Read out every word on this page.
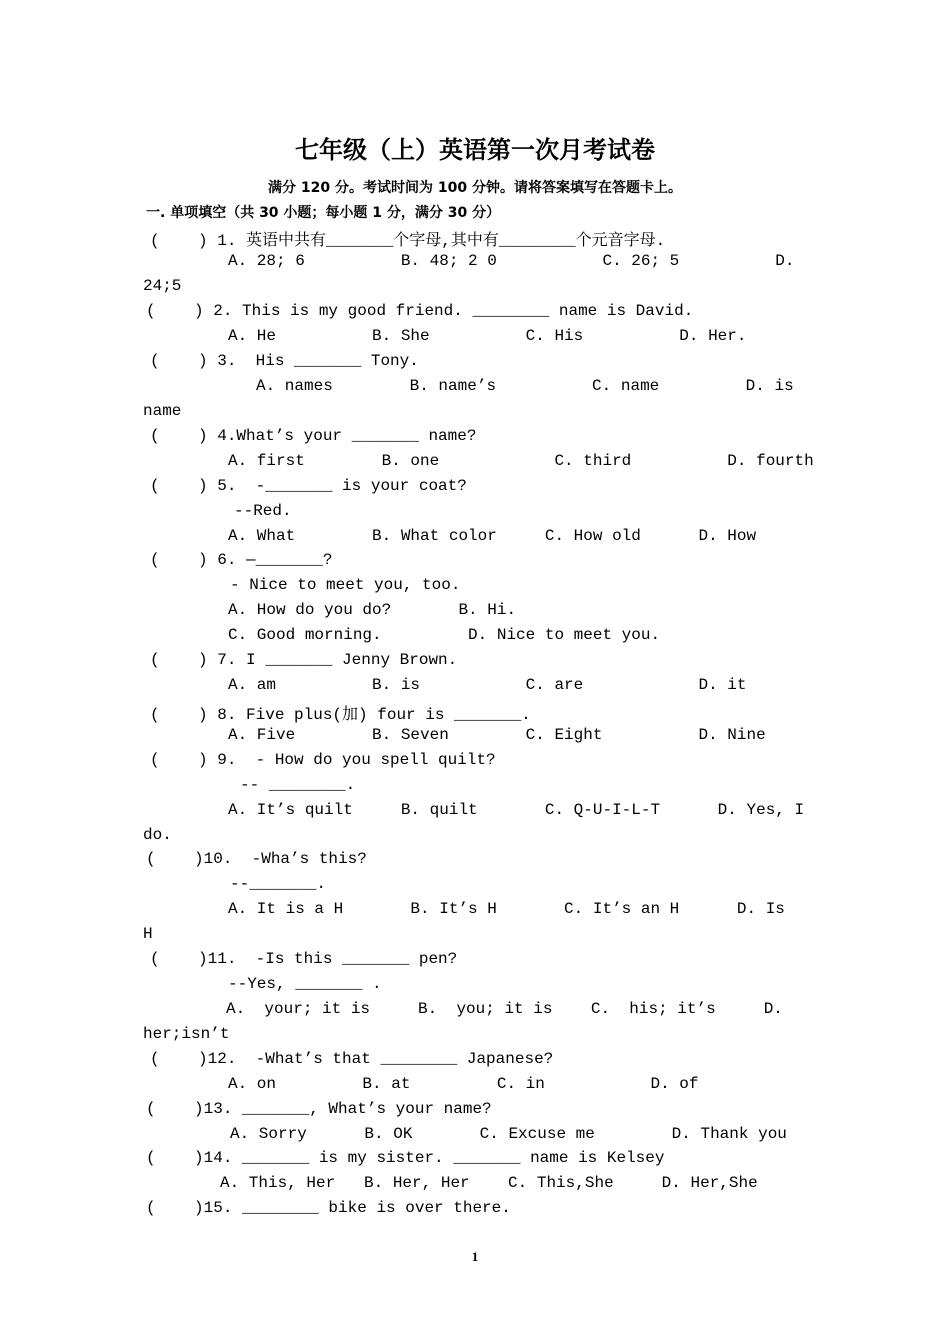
七年级（上）英语第一次月考试卷
满分 120 分。考试时间为 100 分钟。请将答案填写在答题卡上。
一. 单项填空（共 30 小题；每小题 1 分，满分 30 分）
(    ) 1. 英语中共有_______个字母,其中有________个元音字母.
A. 28; 6          B. 48; 2 0           C. 26; 5          D.
24;5
(    ) 2. This is my good friend. ________ name is David.
A. He          B. She          C. His          D. Her.
(    ) 3.  His _______ Tony.
A. names        B. name’s          C. name         D. is
name
(    ) 4.What’s your _______ name?
A. first        B. one            C. third          D. fourth
(    ) 5.  -_______ is your coat?
--Red.
A. What        B. What color     C. How old      D. How
(    ) 6. —_______?
- Nice to meet you, too.
A. How do you do?       B. Hi.
C. Good morning.         D. Nice to meet you.
(    ) 7. I _______ Jenny Brown.
A. am          B. is           C. are            D. it
(    ) 8. Five plus(加) four is _______.
A. Five        B. Seven        C. Eight          D. Nine
(    ) 9.  - How do you spell quilt?
-- ________.
A. It’s quilt     B. quilt       C. Q-U-I-L-T      D. Yes, I
do.
(    )10.  -Wha’s this?
--_______.
A. It is a H       B. It’s H       C. It’s an H      D. Is
H
(    )11.  -Is this _______ pen?
--Yes, _______ .
A.  your; it is     B.  you; it is    C.  his; it’s     D.
her;isn’t
(    )12.  -What’s that ________ Japanese?
A. on         B. at         C. in           D. of
(    )13. _______, What’s your name?
A. Sorry      B. OK       C. Excuse me        D. Thank you
(    )14. _______ is my sister. _______ name is Kelsey
A. This, Her   B. Her, Her    C. This,She     D. Her,She
(    )15. ________ bike is over there.
1
